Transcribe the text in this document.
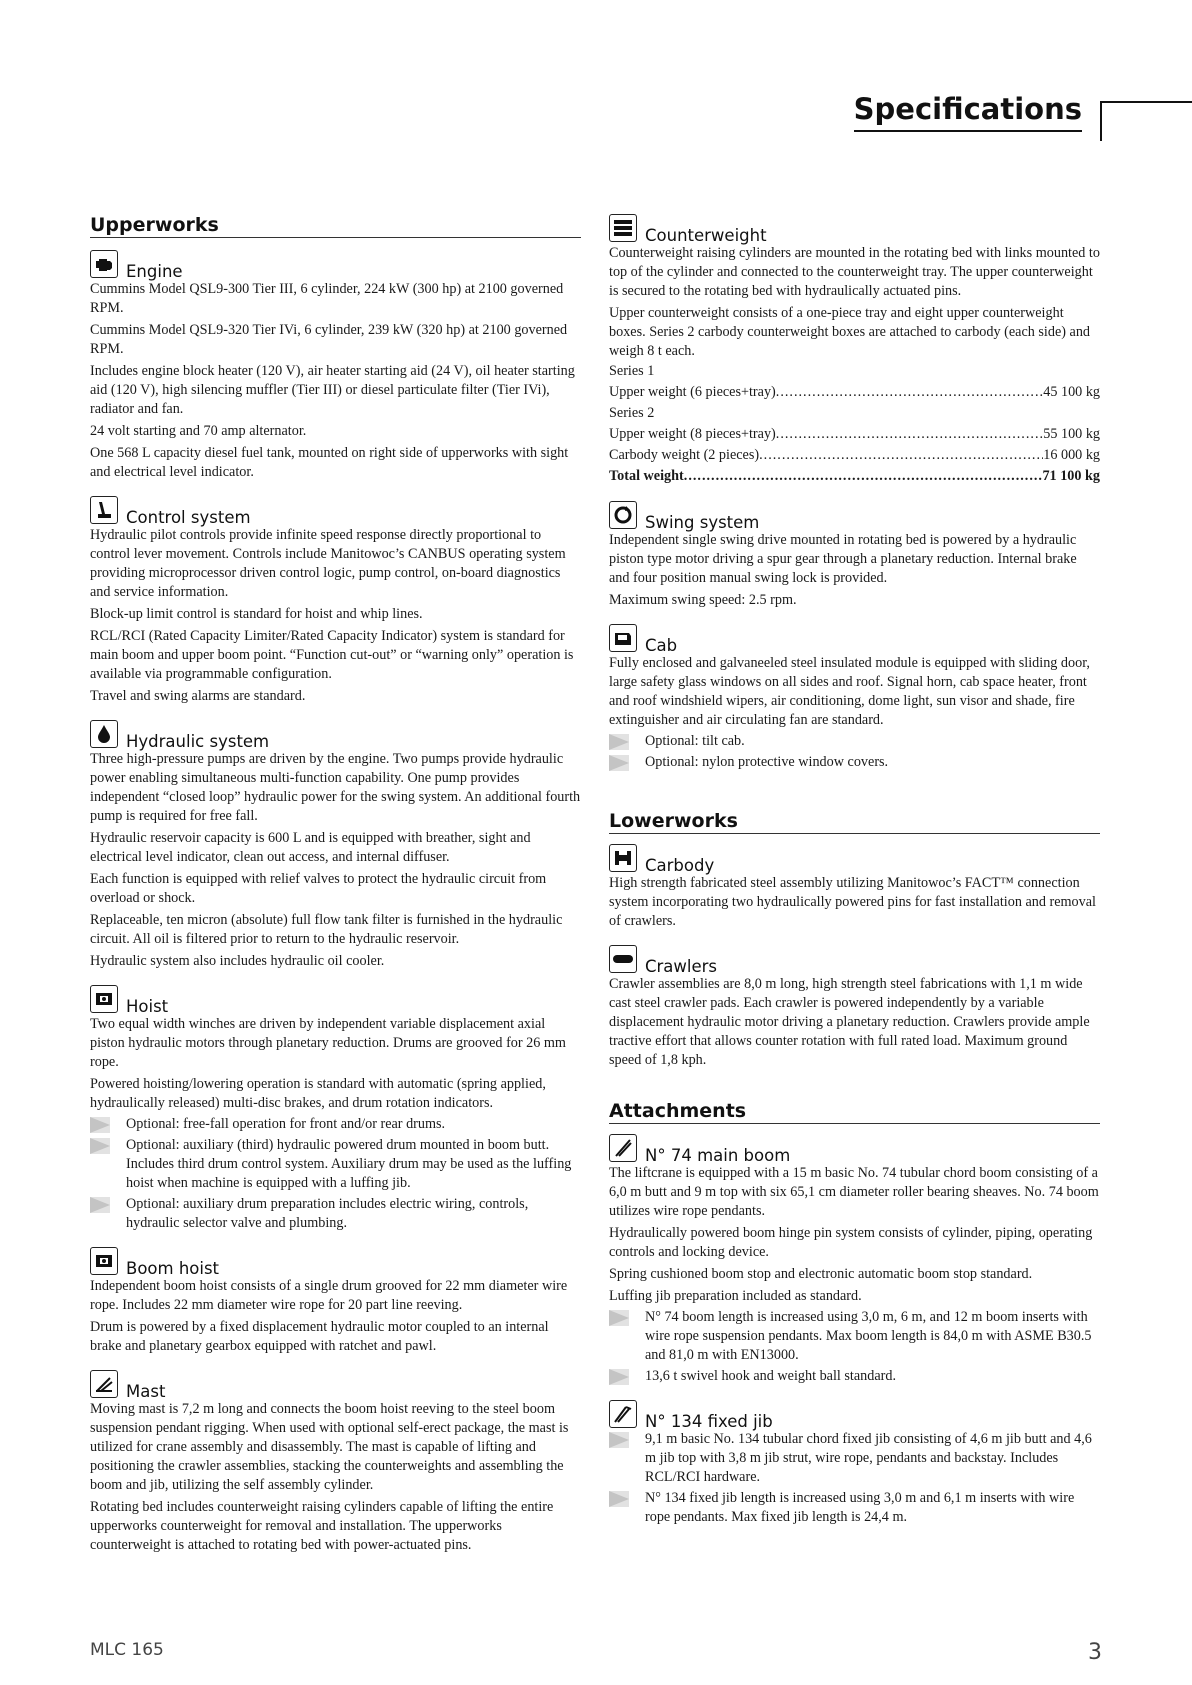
Specifications
Upperworks
Engine

Cummins Model QSL9-300 Tier III, 6 cylinder, 224 kW (300 hp) at 2100 governed RPM.

Cummins Model QSL9-320 Tier IVi, 6 cylinder, 239 kW (320 hp) at 2100 governed RPM.

Includes engine block heater (120 V), air heater starting aid (24 V), oil heater starting aid (120 V), high silencing muffler (Tier III) or diesel particulate filter (Tier IVi), radiator and fan.

24 volt starting and 70 amp alternator.

One 568 L capacity diesel fuel tank, mounted on right side of upperworks with sight and electrical level indicator.

Control system

Hydraulic pilot controls provide infinite speed response directly proportional to control lever movement. Controls include Manitowoc’s CANBUS operating system providing microprocessor driven control logic, pump control, on-board diagnostics and service information.

Block-up limit control is standard for hoist and whip lines.

RCL/RCI (Rated Capacity Limiter/Rated Capacity Indicator) system is standard for main boom and upper boom point. “Function cut-out” or “warning only” operation is available via programmable configuration.

Travel and swing alarms are standard.

Hydraulic system

Three high-pressure pumps are driven by the engine. Two pumps provide hydraulic power enabling simultaneous multi-function capability. One pump provides independent “closed loop” hydraulic power for the swing system. An additional fourth pump is required for free fall.

Hydraulic reservoir capacity is 600 L and is equipped with breather, sight and electrical level indicator, clean out access, and internal diffuser.

Each function is equipped with relief valves to protect the hydraulic circuit from overload or shock.

Replaceable, ten micron (absolute) full flow tank filter is furnished in the hydraulic circuit. All oil is filtered prior to return to the hydraulic reservoir.

Hydraulic system also includes hydraulic oil cooler.

Hoist

Two equal width winches are driven by independent variable displacement axial piston hydraulic motors through planetary reduction. Drums are grooved for 26 mm rope.

Powered hoisting/lowering operation is standard with automatic (spring applied, hydraulically released) multi-disc brakes, and drum rotation indicators.

Optional: free-fall operation for front and/or rear drums.
Optional: auxiliary (third) hydraulic powered drum mounted in boom butt. Includes third drum control system. Auxiliary drum may be used as the luffing hoist when machine is equipped with a luffing jib.
Optional: auxiliary drum preparation includes electric wiring, controls, hydraulic selector valve and plumbing.
Boom hoist

Independent boom hoist consists of a single drum grooved for 22 mm diameter wire rope. Includes 22 mm diameter wire rope for 20 part line reeving.

Drum is powered by a fixed displacement hydraulic motor coupled to an internal brake and planetary gearbox equipped with ratchet and pawl.

Mast

Moving mast is 7,2 m long and connects the boom hoist reeving to the steel boom suspension pendant rigging. When used with optional self-erect package, the mast is utilized for crane assembly and disassembly. The mast is capable of lifting and positioning the crawler assemblies, stacking the counterweights and assembling the boom and jib, utilizing the self assembly cylinder.

Rotating bed includes counterweight raising cylinders capable of lifting the entire upperworks counterweight for removal and installation. The upperworks counterweight is attached to rotating bed with power-actuated pins.

Counterweight

Counterweight raising cylinders are mounted in the rotating bed with links mounted to top of the cylinder and connected to the counterweight tray. The upper counterweight is secured to the rotating bed with hydraulically actuated pins.

Upper counterweight consists of a one-piece tray and eight upper counterweight boxes. Series 2 carbody counterweight boxes are attached to carbody (each side) and weigh 8 t each.

Series 1
Upper weight (6 pieces+tray) .....	45 100 kg
Series 2
Upper weight (8 pieces+tray) .....	55 100 kg
Carbody weight (2 pieces) .....	16 000 kg
Total weight .....	71 100 kg
Swing system

Independent single swing drive mounted in rotating bed is powered by a hydraulic piston type motor driving a spur gear through a planetary reduction. Internal brake and four position manual swing lock is provided.

Maximum swing speed: 2.5 rpm.

Cab

Fully enclosed and galvaneeled steel insulated module is equipped with sliding door, large safety glass windows on all sides and roof. Signal horn, cab space heater, front and roof windshield wipers, air conditioning, dome light, sun visor and shade, fire extinguisher and air circulating fan are standard.

Optional: tilt cab.
Optional: nylon protective window covers.
Lowerworks
Carbody

High strength fabricated steel assembly utilizing Manitowoc’s FACT™ connection system incorporating two hydraulically powered pins for fast installation and removal of crawlers.

Crawlers

Crawler assemblies are 8,0 m long, high strength steel fabrications with 1,1 m wide cast steel crawler pads. Each crawler is powered independently by a variable displacement hydraulic motor driving a planetary reduction. Crawlers provide ample tractive effort that allows counter rotation with full rated load. Maximum ground speed of 1,8 kph.

Attachments
N° 74 main boom

The liftcrane is equipped with a 15 m basic No. 74 tubular chord boom consisting of a 6,0 m butt and 9 m top with six 65,1 cm diameter roller bearing sheaves. No. 74 boom utilizes wire rope pendants.

Hydraulically powered boom hinge pin system consists of cylinder, piping, operating controls and locking device.

Spring cushioned boom stop and electronic automatic boom stop standard.

Luffing jib preparation included as standard.

N° 74 boom length is increased using 3,0 m, 6 m, and 12 m boom inserts with wire rope suspension pendants. Max boom length is 84,0 m with ASME B30.5 and 81,0 m with EN13000.
13,6 t swivel hook and weight ball standard.
N° 134 fixed jib
9,1 m basic No. 134 tubular chord fixed jib consisting of 4,6 m jib butt and 4,6 m jib top with 3,8 m jib strut, wire rope, pendants and backstay. Includes RCL/RCI hardware.
N° 134 fixed jib length is increased using 3,0 m and 6,1 m inserts with wire rope pendants. Max fixed jib length is 24,4 m.
MLC 165	3
